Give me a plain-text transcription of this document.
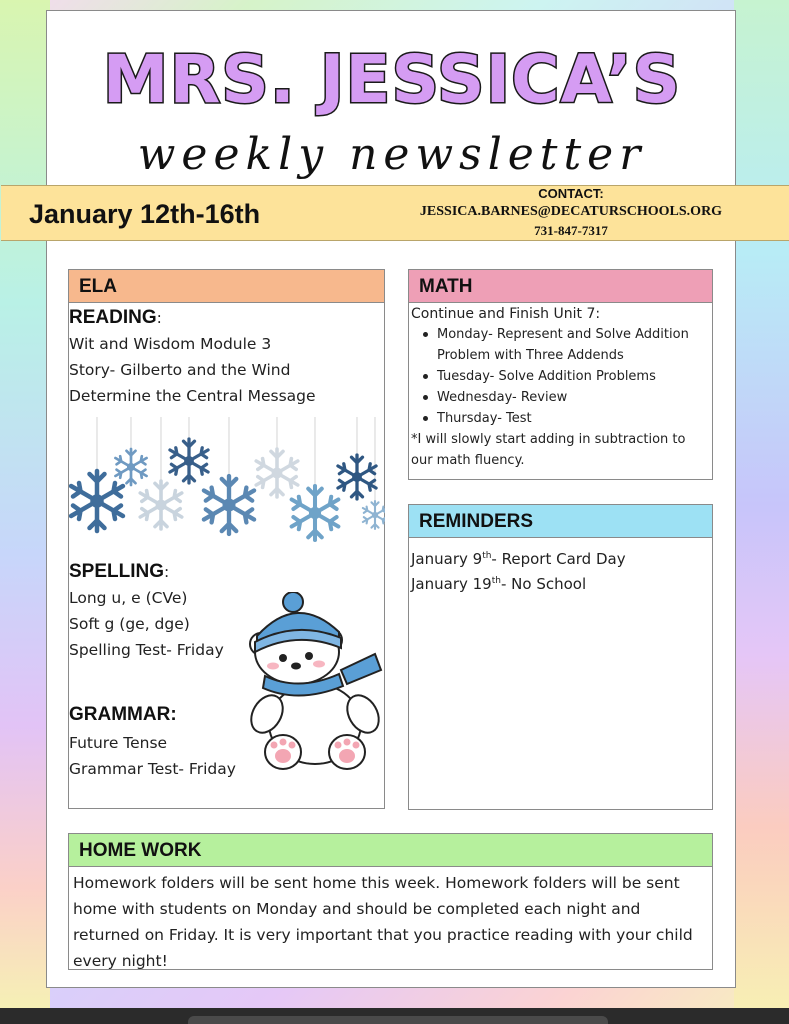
MRS. JESSICA’S
weekly newsletter
January 12th-16th
CONTACT:
JESSICA.BARNES@DECATURSCHOOLS.ORG
731-847-7317
ELA
READING:
Wit and Wisdom Module 3
Story- Gilberto and the Wind
Determine the Central Message
SPELLING:
Long u, e (CVe)
Soft g (ge, dge)
Spelling Test- Friday
GRAMMAR:
Future Tense
Grammar Test- Friday
MATH
Continue and Finish Unit 7:
Monday- Represent and Solve Addition Problem with Three Addends
Tuesday- Solve Addition Problems
Wednesday- Review
Thursday- Test
*I will slowly start adding in subtraction to our math fluency.
REMINDERS
January 9th- Report Card Day
January 19th- No School
HOME WORK
Homework folders will be sent home this week. Homework folders will be sent home with students on Monday and should be completed each night and returned on Friday. It is very important that you practice reading with your child every night!
